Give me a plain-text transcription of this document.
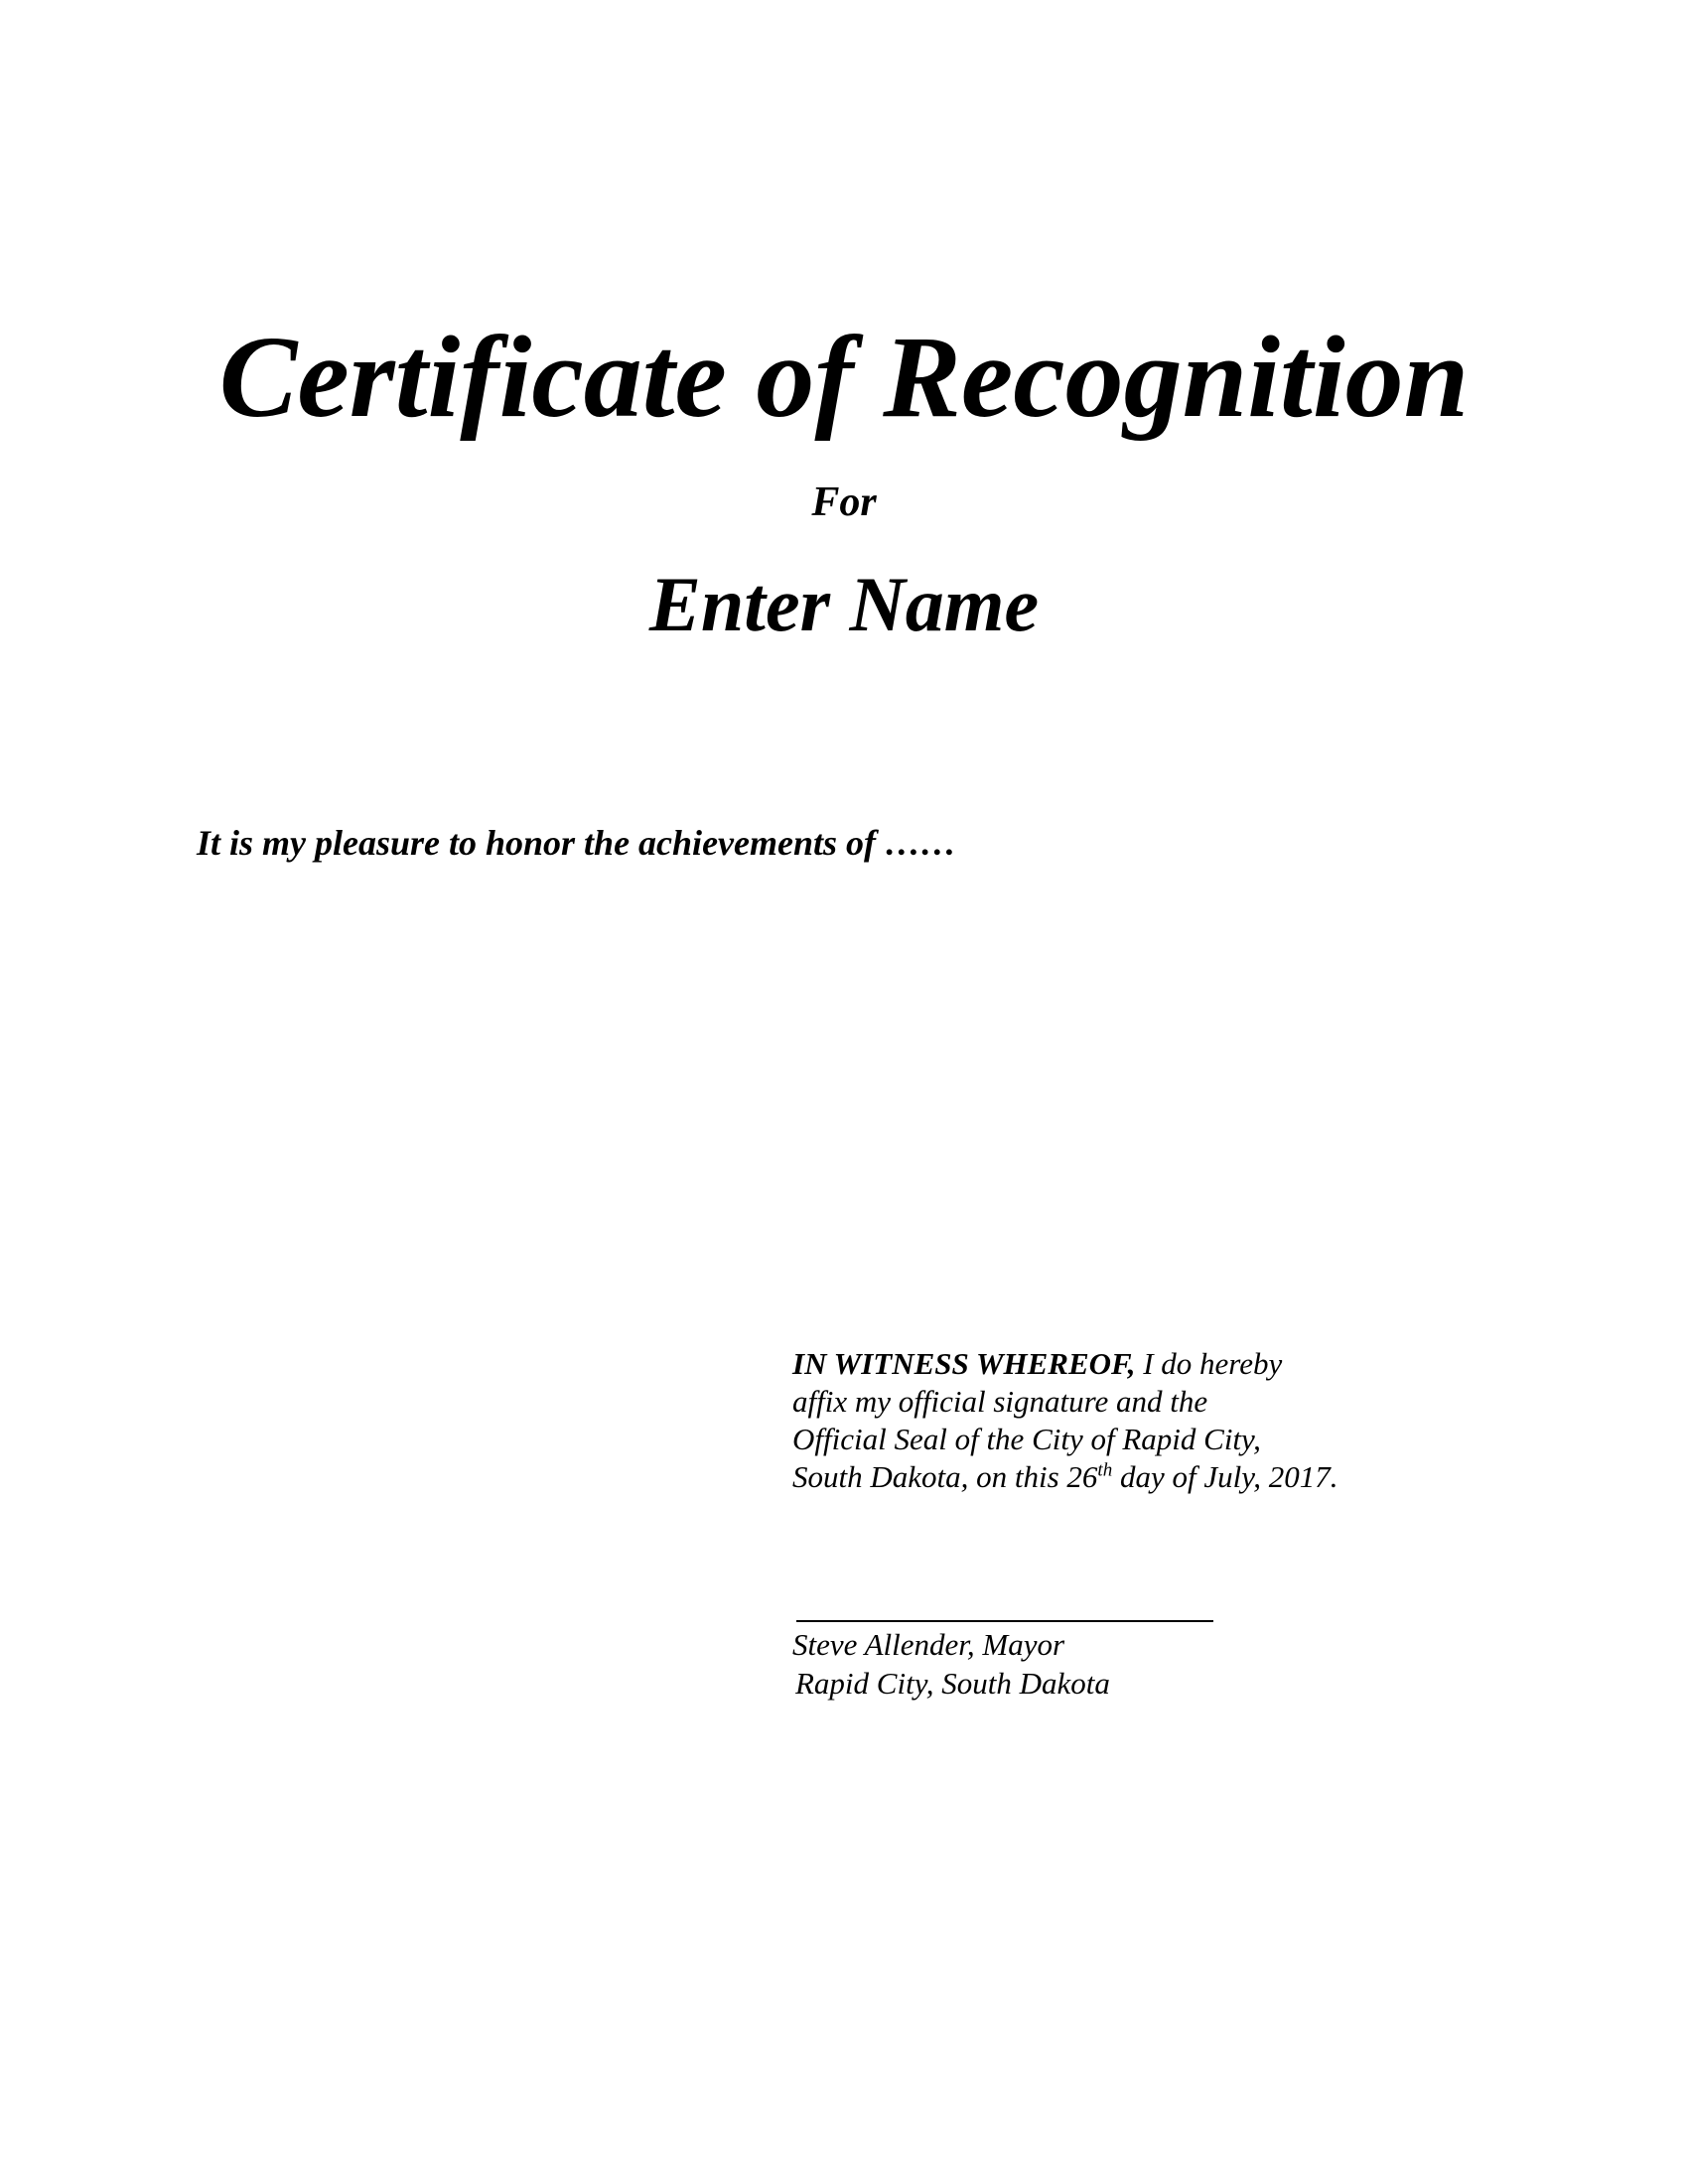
Certificate of Recognition
For
Enter Name
It is my pleasure to honor the achievements of ……
IN WITNESS WHEREOF, I do hereby
affix my official signature and the
Official Seal of the City of Rapid City,
South Dakota, on this 26th day of July, 2017.
Steve Allender, Mayor
Rapid City, South Dakota
